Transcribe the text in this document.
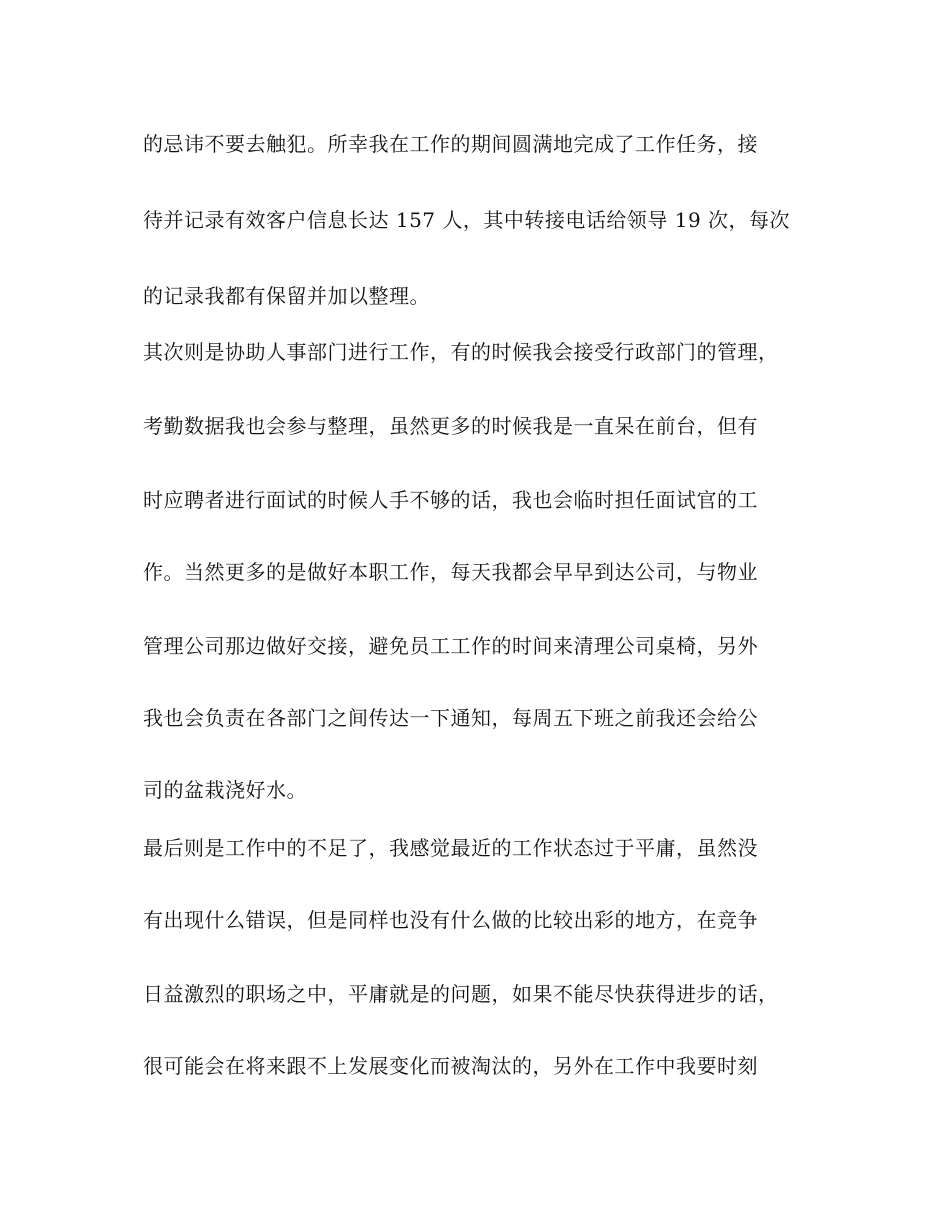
的忌讳不要去触犯。所幸我在工作的期间圆满地完成了工作任务，接
待并记录有效客户信息长达 157 人，其中转接电话给领导 19 次，每次
的记录我都有保留并加以整理。
其次则是协助人事部门进行工作，有的时候我会接受行政部门的管理，
考勤数据我也会参与整理，虽然更多的时候我是一直呆在前台，但有
时应聘者进行面试的时候人手不够的话，我也会临时担任面试官的工
作。当然更多的是做好本职工作，每天我都会早早到达公司，与物业
管理公司那边做好交接，避免员工工作的时间来清理公司桌椅，另外
我也会负责在各部门之间传达一下通知，每周五下班之前我还会给公
司的盆栽浇好水。
最后则是工作中的不足了，我感觉最近的工作状态过于平庸，虽然没
有出现什么错误，但是同样也没有什么做的比较出彩的地方，在竞争
日益激烈的职场之中，平庸就是的问题，如果不能尽快获得进步的话，
很可能会在将来跟不上发展变化而被淘汰的，另外在工作中我要时刻
